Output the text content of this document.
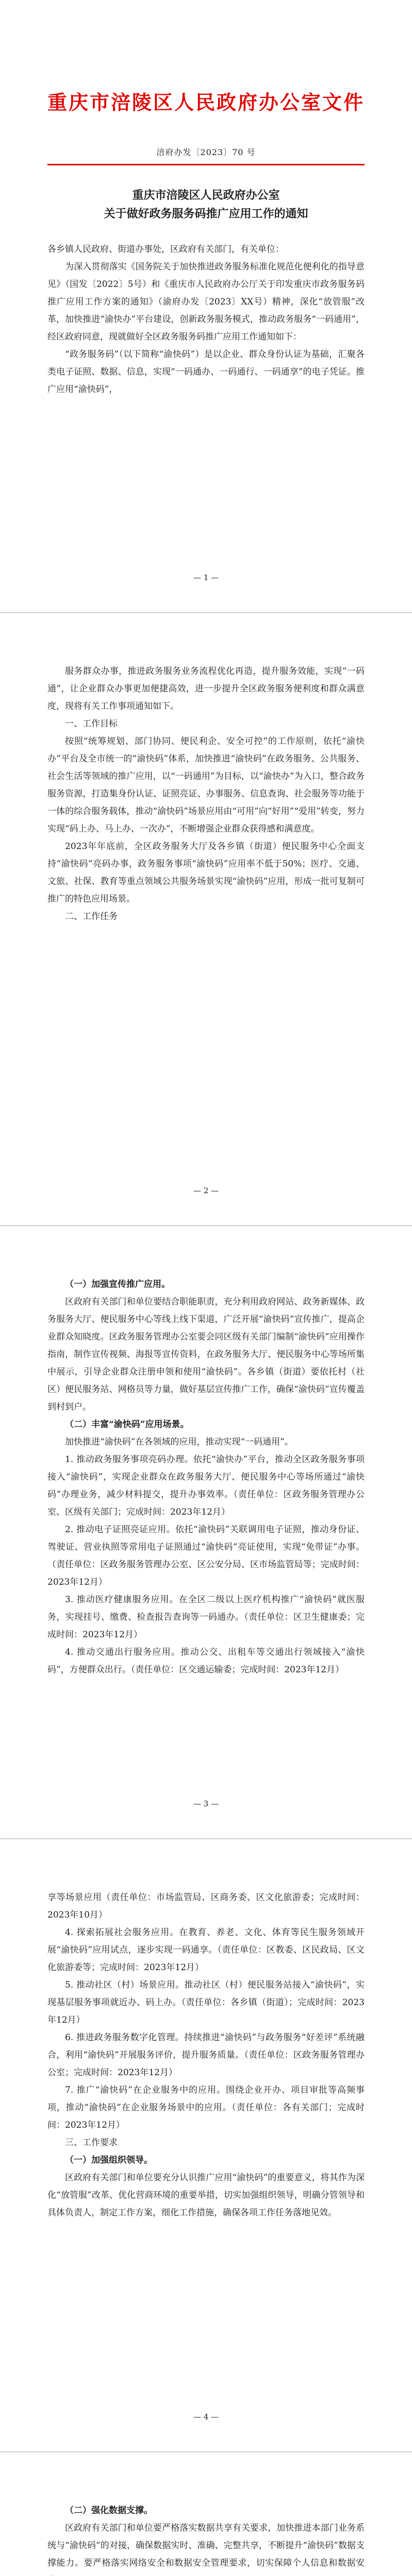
重庆市涪陵区人民政府办公室文件
涪府办发〔2023〕70 号
重庆市涪陵区人民政府办公室
关于做好政务服务码推广应用工作的通知

各乡镇人民政府、街道办事处，区政府有关部门，有关单位：

为深入贯彻落实《国务院关于加快推进政务服务标准化规范化便利化的指导意见》（国发〔2022〕5号）和《重庆市人民政府办公厅关于印发重庆市政务服务码推广应用工作方案的通知》（渝府办发〔2023〕XX号）精神，深化“放管服”改革，加快推进“渝快办”平台建设，创新政务服务模式，推动政务服务“一码通用”，经区政府同意，现就做好全区政务服务码推广应用工作通知如下：

“政务服务码”（以下简称“渝快码”）是以企业、群众身份认证为基础，汇聚各类电子证照、数据、信息，实现“一码通办、一码通行、一码通享”的电子凭证。推广应用“渝快码”，

— 1 —

服务群众办事，推进政务服务业务流程优化再造，提升服务效能，实现“一码通”，让企业群众办事更加便捷高效，进一步提升全区政务服务便利度和群众满意度，现将有关工作事项通知如下。

一、工作目标

按照“统筹规划、部门协同、便民利企、安全可控”的工作原则，依托“渝快办”平台及全市统一的“渝快码”体系，加快推进“渝快码”在政务服务、公共服务、社会生活等领域的推广应用，以“一码通用”为目标，以“渝快办”为入口，整合政务服务资源，打造集身份认证、证照亮证、办事服务、信息查询、社会服务等功能于一体的综合服务载体，推动“渝快码”场景应用由“可用”向“好用”“爱用”转变，努力实现“码上办、马上办、一次办”，不断增强企业群众获得感和满意度。

2023年年底前，全区政务服务大厅及各乡镇（街道）便民服务中心全面支持“渝快码”亮码办事，政务服务事项“渝快码”应用率不低于50%；医疗、交通、文旅、社保、教育等重点领域公共服务场景实现“渝快码”应用，形成一批可复制可推广的特色应用场景。

二、工作任务

— 2 —

（一）加强宣传推广应用。

区政府有关部门和单位要结合职能职责，充分利用政府网站、政务新媒体、政务服务大厅、便民服务中心等线上线下渠道，广泛开展“渝快码”宣传推广，提高企业群众知晓度。区政务服务管理办公室要会同区级有关部门编制“渝快码”应用操作指南，制作宣传视频、海报等宣传资料，在政务服务大厅、便民服务中心等场所集中展示，引导企业群众注册申领和使用“渝快码”。各乡镇（街道）要依托村（社区）便民服务站、网格员等力量，做好基层宣传推广工作，确保“渝快码”宣传覆盖到村到户。

（二）丰富“渝快码”应用场景。

加快推进“渝快码”在各领域的应用，推动实现“一码通用”。

1. 推动政务服务事项亮码办理。依托“渝快办”平台，推动全区政务服务事项接入“渝快码”，实现企业群众在政务服务大厅、便民服务中心等场所通过“渝快码”办理业务，减少材料提交，提升办事效率。（责任单位：区政务服务管理办公室、区级有关部门；完成时间：2023年12月）

2. 推动电子证照亮证应用。依托“渝快码”关联调用电子证照，推动身份证、驾驶证、营业执照等常用电子证照通过“渝快码”亮证使用，实现“免带证”办事。（责任单位：区政务服务管理办公室、区公安分局、区市场监管局等；完成时间：2023年12月）

3. 推动医疗健康服务应用。在全区二级以上医疗机构推广“渝快码”就医服务，实现挂号、缴费、检查报告查询等一码通办。（责任单位：区卫生健康委；完成时间：2023年12月）

4. 推动交通出行服务应用。推动公交、出租车等交通出行领域接入“渝快码”，方便群众出行。（责任单位：区交通运输委；完成时间：2023年12月）

— 3 —

享等场景应用（责任单位：市场监管局、区商务委、区文化旅游委；完成时间：2023年10月）

4. 探索拓展社会服务应用。在教育、养老、文化、体育等民生服务领域开展“渝快码”应用试点，逐步实现一码通享。（责任单位：区教委、区民政局、区文化旅游委等；完成时间：2023年12月）

5. 推动社区（村）场景应用。推动社区（村）便民服务站接入“渝快码”，实现基层服务事项就近办、码上办。（责任单位：各乡镇（街道）；完成时间：2023年12月）

6. 推进政务服务数字化管理。持续推进“渝快码”与政务服务“好差评”系统融合，利用“渝快码”开展服务评价，提升服务质量。（责任单位：区政务服务管理办公室；完成时间：2023年12月）

7. 推广“渝快码”在企业服务中的应用。围绕企业开办、项目审批等高频事项，推动“渝快码”在企业服务场景中的应用。（责任单位：各有关部门；完成时间：2023年12月）

三、工作要求

（一）加强组织领导。

区政府有关部门和单位要充分认识推广应用“渝快码”的重要意义，将其作为深化“放管服”改革、优化营商环境的重要举措，切实加强组织领导，明确分管领导和具体负责人，制定工作方案，细化工作措施，确保各项工作任务落地见效。

— 4 —

（二）强化数据支撑。

区政府有关部门和单位要严格落实数据共享有关要求，加快推进本部门业务系统与“渝快码”的对接，确保数据实时、准确、完整共享，不断提升“渝快码”数据支撑能力。要严格落实网络安全和数据安全管理要求，切实保障个人信息和数据安
